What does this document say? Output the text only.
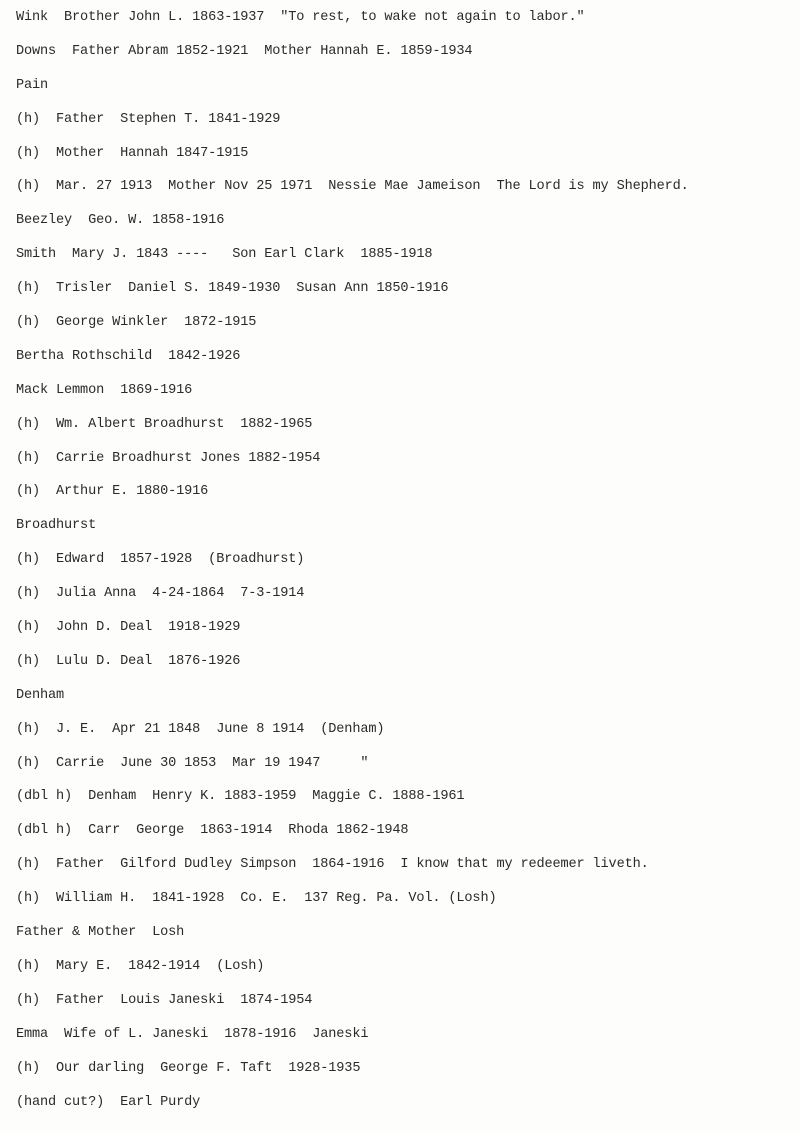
Wink  Brother John L. 1863-1937  "To rest, to wake not again to labor."
Downs  Father Abram 1852-1921  Mother Hannah E. 1859-1934
Pain
(h)  Father  Stephen T. 1841-1929
(h)  Mother  Hannah 1847-1915
(h)  Mar. 27 1913  Mother Nov 25 1971  Nessie Mae Jameison  The Lord is my Shepherd.
Beezley  Geo. W. 1858-1916
Smith  Mary J. 1843 ----   Son Earl Clark  1885-1918
(h)  Trisler  Daniel S. 1849-1930  Susan Ann 1850-1916
(h)  George Winkler  1872-1915
Bertha Rothschild  1842-1926
Mack Lemmon  1869-1916
(h)  Wm. Albert Broadhurst  1882-1965
(h)  Carrie Broadhurst Jones 1882-1954
(h)  Arthur E. 1880-1916
Broadhurst
(h)  Edward  1857-1928  (Broadhurst)
(h)  Julia Anna  4-24-1864  7-3-1914
(h)  John D. Deal  1918-1929
(h)  Lulu D. Deal  1876-1926
Denham
(h)  J. E.  Apr 21 1848  June 8 1914  (Denham)
(h)  Carrie  June 30 1853  Mar 19 1947     "
(dbl h)  Denham  Henry K. 1883-1959  Maggie C. 1888-1961
(dbl h)  Carr  George  1863-1914  Rhoda 1862-1948
(h)  Father  Gilford Dudley Simpson  1864-1916  I know that my redeemer liveth.
(h)  William H.  1841-1928  Co. E.  137 Reg. Pa. Vol. (Losh)
Father & Mother  Losh
(h)  Mary E.  1842-1914  (Losh)
(h)  Father  Louis Janeski  1874-1954
Emma  Wife of L. Janeski  1878-1916  Janeski
(h)  Our darling  George F. Taft  1928-1935
(hand cut?)  Earl Purdy
